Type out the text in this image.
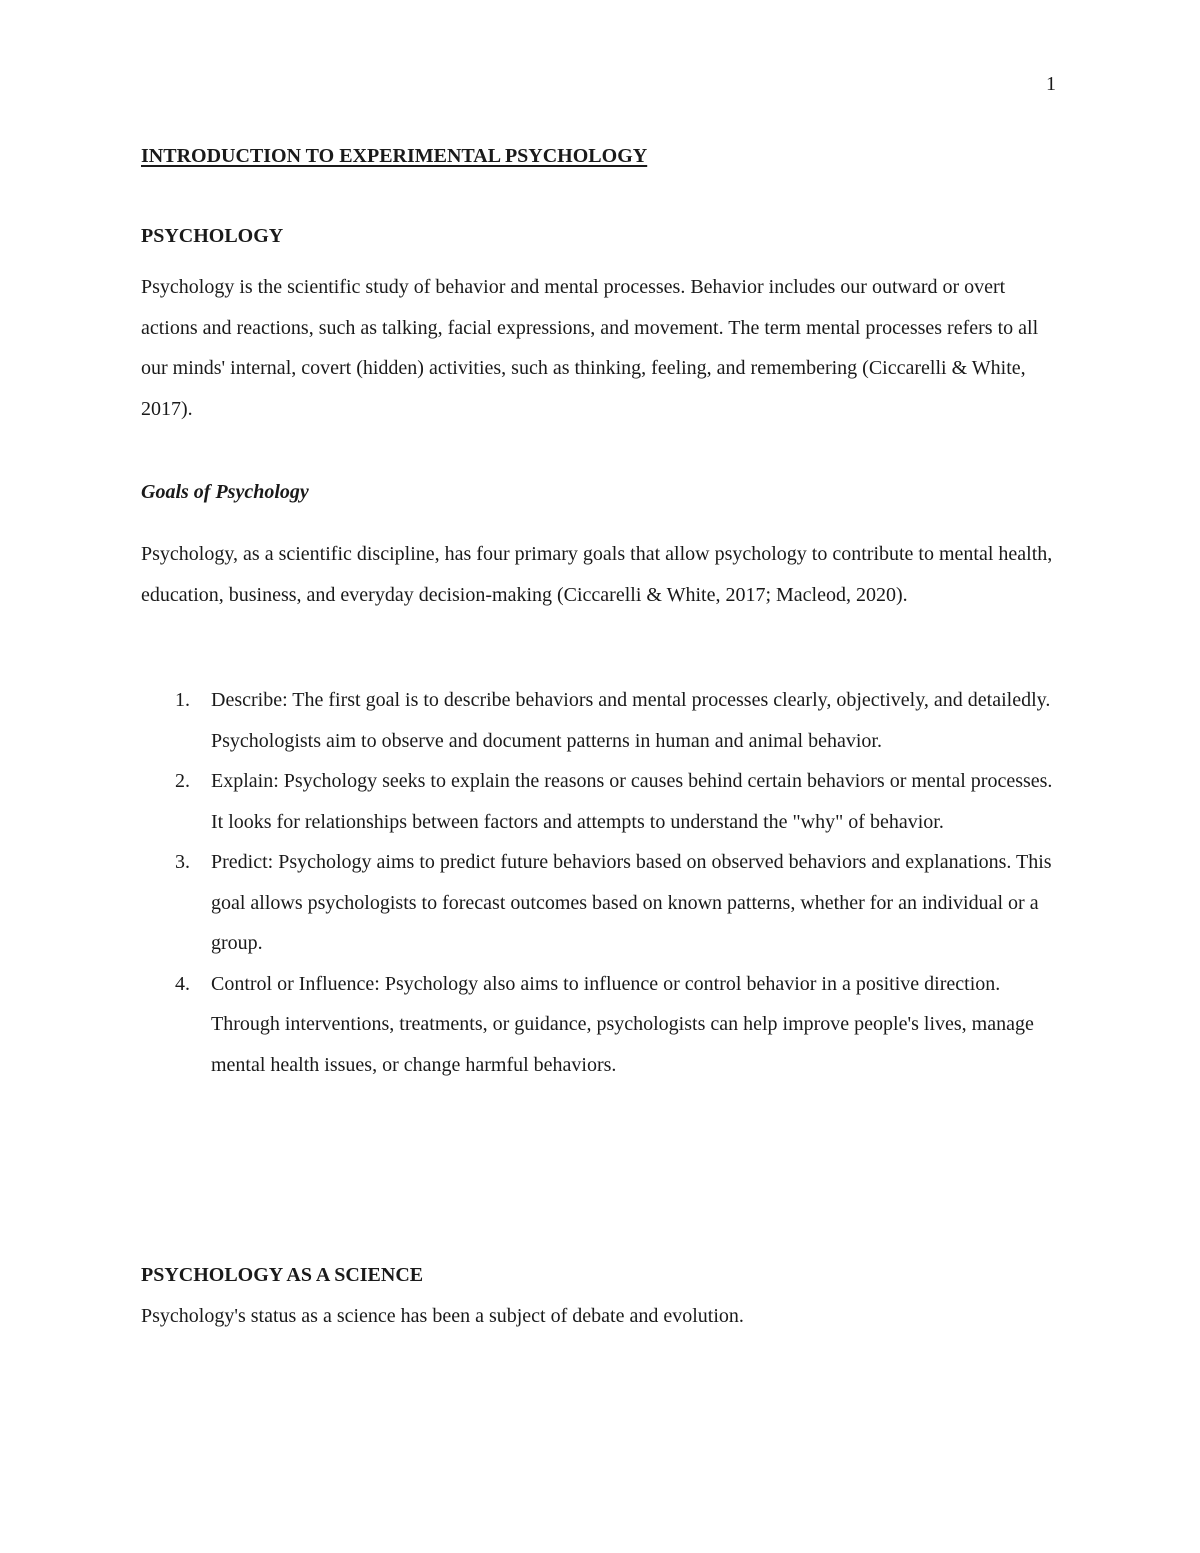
1
INTRODUCTION TO EXPERIMENTAL PSYCHOLOGY
PSYCHOLOGY

Psychology is the scientific study of behavior and mental processes. Behavior includes our outward or overt actions and reactions, such as talking, facial expressions, and movement. The term mental processes refers to all our minds' internal, covert (hidden) activities, such as thinking, feeling, and remembering (Ciccarelli & White, 2017).

Goals of Psychology

Psychology, as a scientific discipline, has four primary goals that allow psychology to contribute to mental health, education, business, and everyday decision-making (Ciccarelli & White, 2017; Macleod, 2020).

1. Describe: The first goal is to describe behaviors and mental processes clearly, objectively, and detailedly. Psychologists aim to observe and document patterns in human and animal behavior.
2. Explain: Psychology seeks to explain the reasons or causes behind certain behaviors or mental processes. It looks for relationships between factors and attempts to understand the "why" of behavior.
3. Predict: Psychology aims to predict future behaviors based on observed behaviors and explanations. This goal allows psychologists to forecast outcomes based on known patterns, whether for an individual or a group.
4. Control or Influence: Psychology also aims to influence or control behavior in a positive direction. Through interventions, treatments, or guidance, psychologists can help improve people's lives, manage mental health issues, or change harmful behaviors.
PSYCHOLOGY AS A SCIENCE

Psychology's status as a science has been a subject of debate and evolution.
